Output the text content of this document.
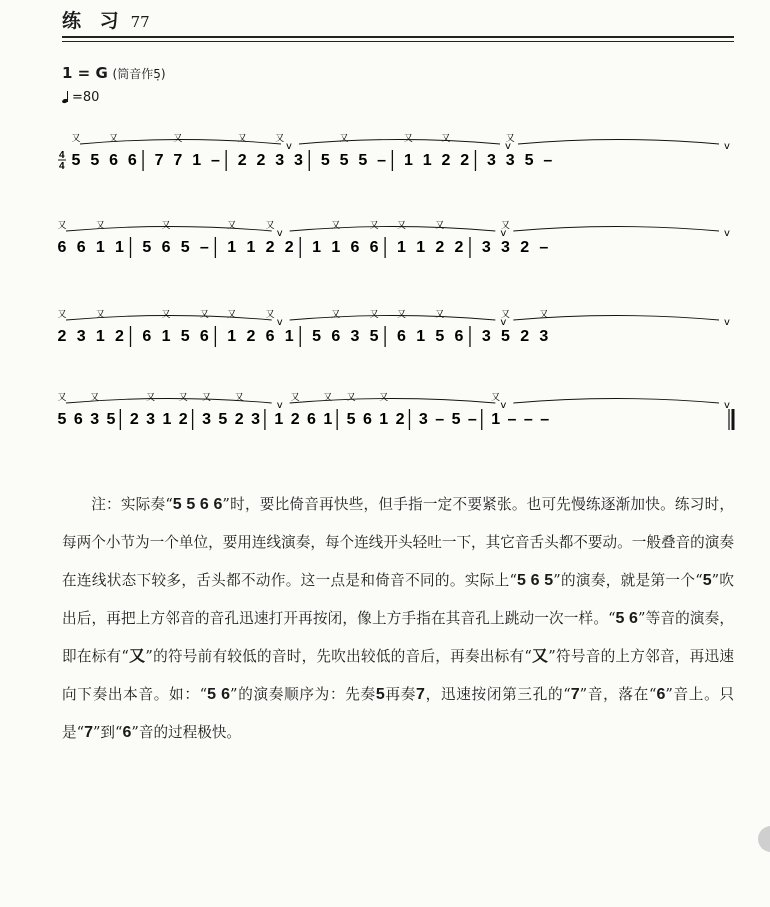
练 习 77
1 = G (筒音作5̣)
=80
4
4 5
又
5 6
又
6 7 7
又
1 – 2
又
2 3
又
3 5 5
又
5 – 1
又
1 2
又
2 3 3
又
5 –
v	v	v
6
又
6 1
又
1 5 6
又
5 – 1
又
1 2
又
2 1 1
又
6 6
又
1
又
1 2
又
2 3 3
又
2 –
v	v	v
2
又
3 1
又
2 6 1
又
5 6
又
1
又
2 6
又
1 5 6
又
3 5
又
6
又
1 5
又
6 3 5
又
2 3
又
v	v	v
5
又
6 3
又
5 2 3
又
1 2
又
3
又
5 2
又
3 1 2
又
6 1
又
5
又
6 1
又
2 3 – 5 – 1
又
– – –
v	v	v

注：实际奏“5 5 6 6”时，要比倚音再快些，但手指一定不要紧张。也可先慢练逐渐加快。练习时，每两个小节为一个单位，要用连线演奏，每个连线开头轻吐一下，其它音舌头都不要动。一般叠音的演奏在连线状态下较多，舌头都不动作。这一点是和倚音不同的。实际上“5 6 5”的演奏，就是第一个“5”吹出后，再把上方邻音的音孔迅速打开再按闭，像上方手指在其音孔上跳动一次一样。“5 6”等音的演奏，即在标有“又”的符号前有较低的音时，先吹出较低的音后，再奏出标有“又”符号音的上方邻音，再迅速向下奏出本音。如：“5 6”的演奏顺序为：先奏5再奏7，迅速按闭第三孔的“7”音，落在“6”音上。只是“7”到“6”音的过程极快。
